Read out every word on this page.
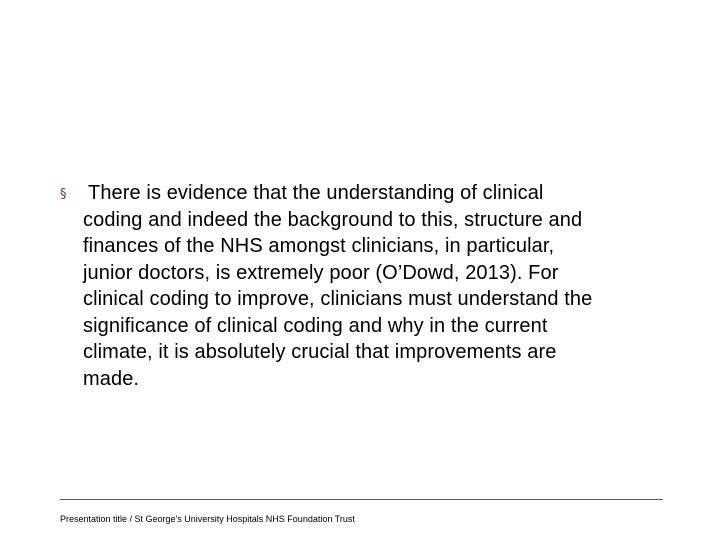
§ There is evidence that the understanding of clinical
coding and indeed the background to this, structure and
finances of the NHS amongst clinicians, in particular,
junior doctors, is extremely poor (O’Dowd, 2013). For
clinical coding to improve, clinicians must understand the
significance of clinical coding and why in the current
climate, it is absolutely crucial that improvements are
made.

Presentation title / St George's University Hospitals NHS Foundation Trust
